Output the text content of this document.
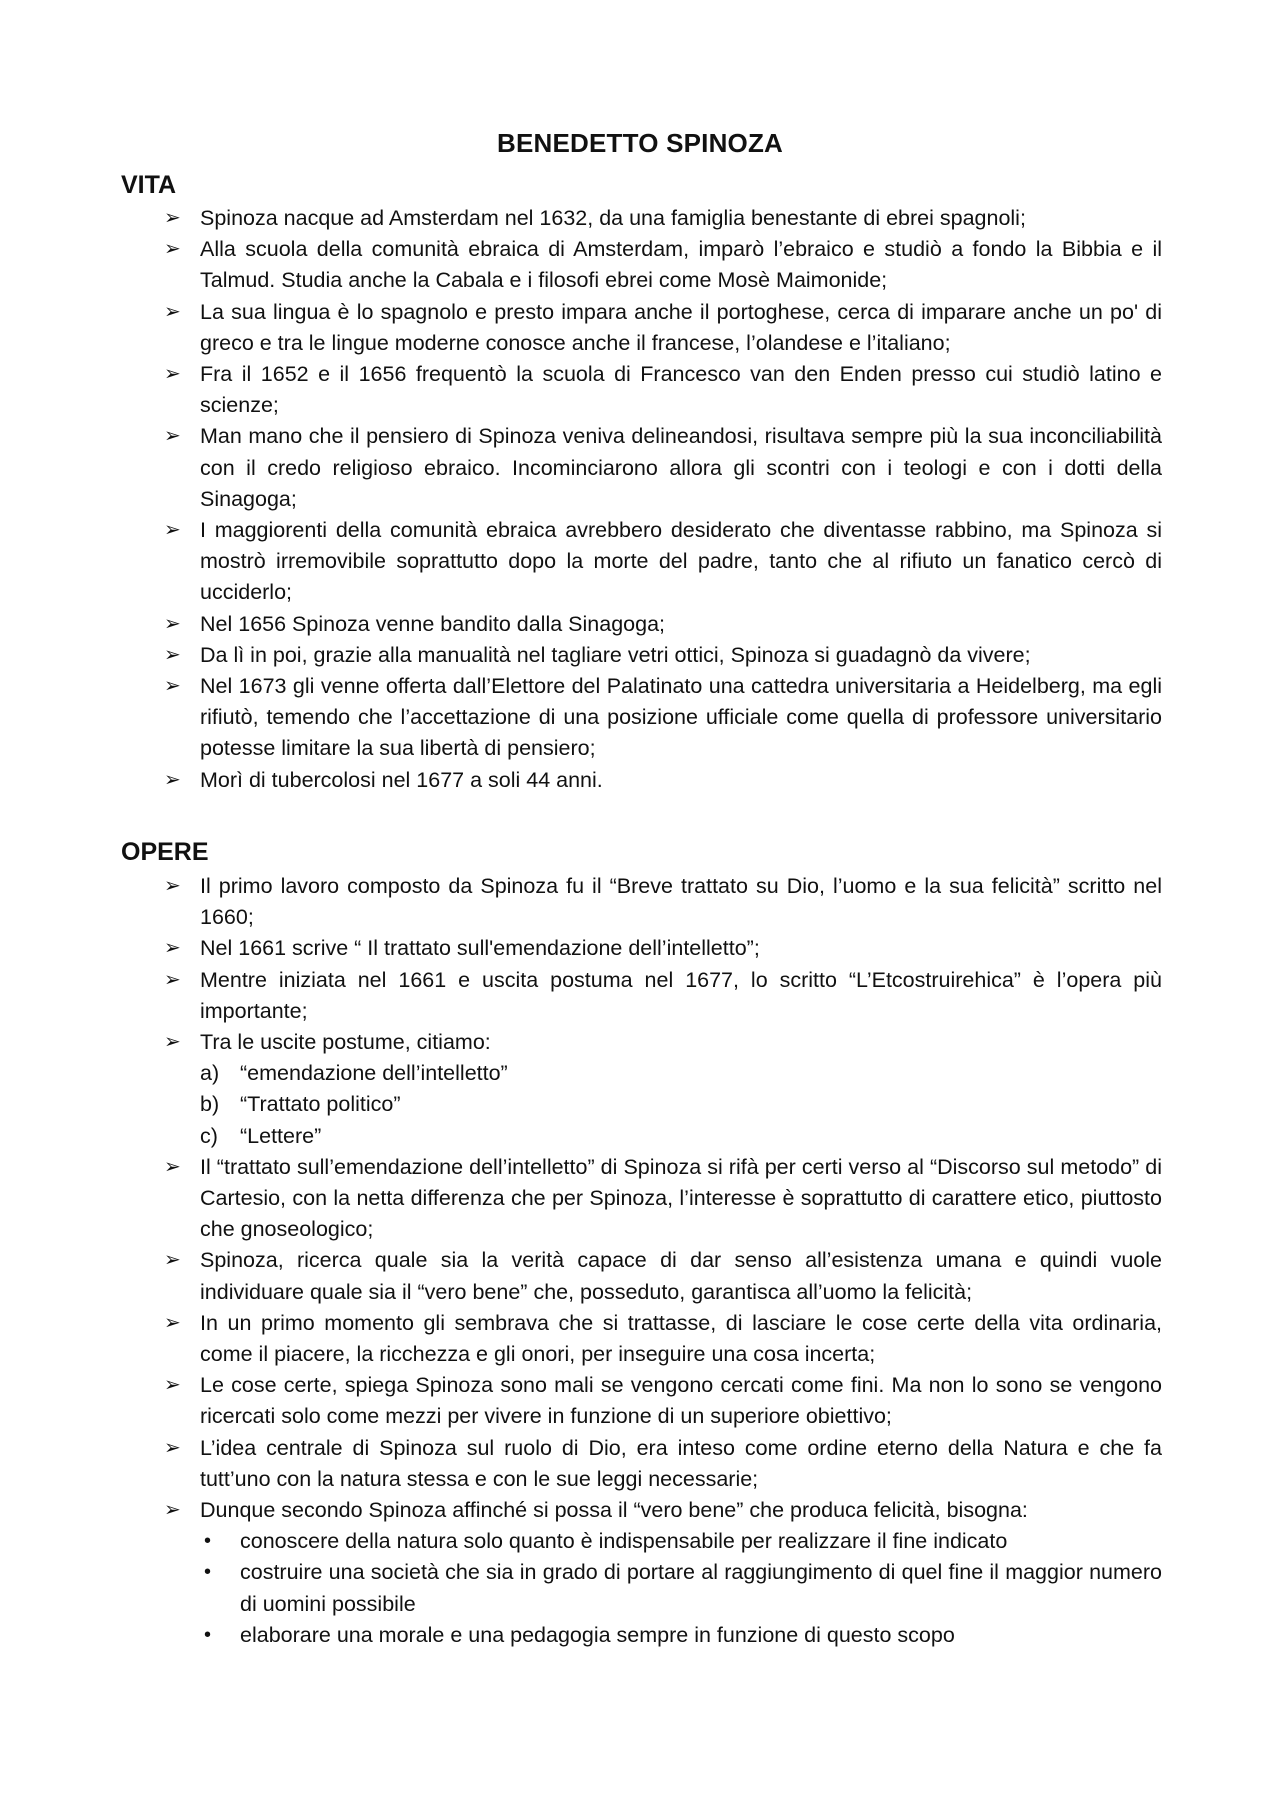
BENEDETTO SPINOZA
VITA
➢ Spinoza nacque ad Amsterdam nel 1632, da una famiglia benestante di ebrei spagnoli;
➢ Alla scuola della comunità ebraica di Amsterdam, imparò l’ebraico e studiò a fondo la Bibbia e il Talmud. Studia anche la Cabala e i filosofi ebrei come Mosè Maimonide;
➢ La sua lingua è lo spagnolo e presto impara anche il portoghese, cerca di imparare anche un po' di greco e tra le lingue moderne conosce anche il francese, l’olandese e l’italiano;
➢ Fra il 1652 e il 1656 frequentò la scuola di Francesco van den Enden presso cui studiò latino e scienze;
➢ Man mano che il pensiero di Spinoza veniva delineandosi, risultava sempre più la sua inconciliabilità con il credo religioso ebraico. Incominciarono allora gli scontri con i teologi e con i dotti della Sinagoga;
➢ I maggiorenti della comunità ebraica avrebbero desiderato che diventasse rabbino, ma Spinoza si mostrò irremovibile soprattutto dopo la morte del padre, tanto che al rifiuto un fanatico cercò di ucciderlo;
➢ Nel 1656 Spinoza venne bandito dalla Sinagoga;
➢ Da lì in poi, grazie alla manualità nel tagliare vetri ottici, Spinoza si guadagnò da vivere;
➢ Nel 1673 gli venne offerta dall’Elettore del Palatinato una cattedra universitaria a Heidelberg, ma egli rifiutò, temendo che l’accettazione di una posizione ufficiale come quella di professore universitario potesse limitare la sua libertà di pensiero;
➢ Morì di tubercolosi nel 1677 a soli 44 anni.
OPERE
➢ Il primo lavoro composto da Spinoza fu il “Breve trattato su Dio, l’uomo e la sua felicità” scritto nel 1660;
➢ Nel 1661 scrive “ Il trattato sull'emendazione dell’intelletto”;
➢ Mentre iniziata nel 1661 e uscita postuma nel 1677, lo scritto “L’Etcostruirehica” è l’opera più importante;
➢ Tra le uscite postume, citiamo:
a) “emendazione dell’intelletto”
b) “Trattato politico”
c) “Lettere”
➢ Il “trattato sull’emendazione dell’intelletto” di Spinoza si rifà per certi verso al “Discorso sul metodo” di Cartesio, con la netta differenza che per Spinoza, l’interesse è soprattutto di carattere etico, piuttosto che gnoseologico;
➢ Spinoza, ricerca quale sia la verità capace di dar senso all’esistenza umana e quindi vuole individuare quale sia il “vero bene” che, posseduto, garantisca all’uomo la felicità;
➢ In un primo momento gli sembrava che si trattasse, di lasciare le cose certe della vita ordinaria, come il piacere, la ricchezza e gli onori, per inseguire una cosa incerta;
➢ Le cose certe, spiega Spinoza sono mali se vengono cercati come fini. Ma non lo sono se vengono ricercati solo come mezzi per vivere in funzione di un superiore obiettivo;
➢ L’idea centrale di Spinoza sul ruolo di Dio, era inteso come ordine eterno della Natura e che fa tutt’uno con la natura stessa e con le sue leggi necessarie;
➢ Dunque secondo Spinoza affinché si possa il “vero bene” che produca felicità, bisogna:
• conoscere della natura solo quanto è indispensabile per realizzare il fine indicato
• costruire una società che sia in grado di portare al raggiungimento di quel fine il maggior numero di uomini possibile
• elaborare una morale e una pedagogia sempre in funzione di questo scopo
